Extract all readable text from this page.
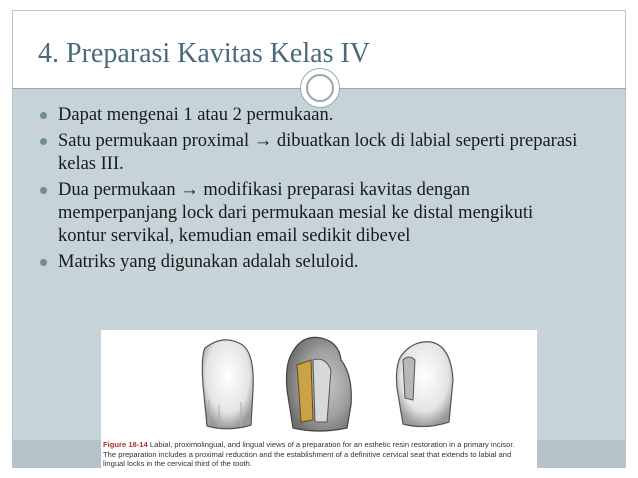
4. Preparasi Kavitas Kelas IV
Dapat mengenai 1 atau 2 permukaan.
Satu permukaan proximal → dibuatkan lock di labial seperti preparasi kelas III.
Dua permukaan → modifikasi preparasi kavitas dengan memperpanjang lock dari permukaan mesial ke distal mengikuti kontur servikal, kemudian email sedikit dibevel
Matriks yang digunakan adalah seluloid.
Figure 18-14 Labial, proximolingual, and lingual views of a preparation for an esthetic resin restoration in a primary incisor.
The preparation includes a proximal reduction and the establishment of a definitive cervical seat that extends to labial and
lingual locks in the cervical third of the tooth.
